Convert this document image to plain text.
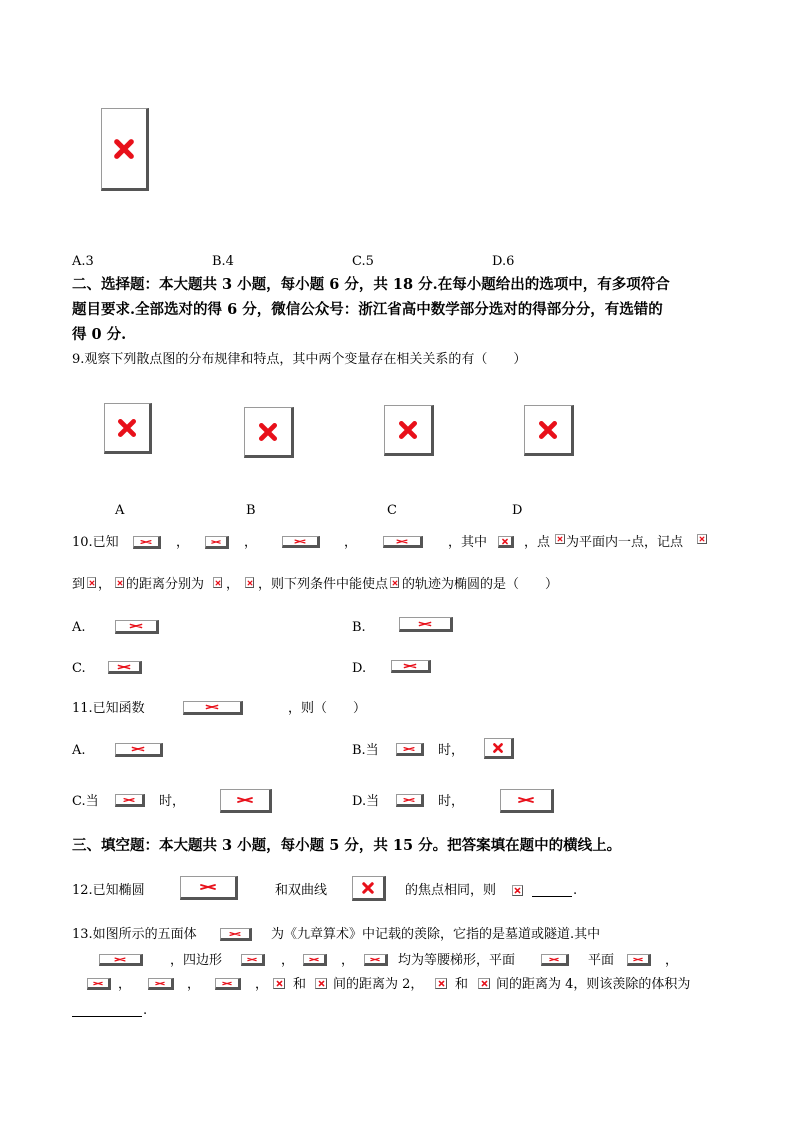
A.3	B.4	C.5	D.6
二、选择题：本大题共 3 小题，每小题 6 分，共 18 分.在每小题给出的选项中，有多项符合
题目要求.全部选对的得 6 分，微信公众号：浙江省高中数学部分选对的得部分分，有选错的
得 0 分.
9.观察下列散点图的分布规律和特点，其中两个变量存在相关关系的有（　　）
A	B	C	D
10.已知	，	，	，	，其中	，点 为平面内一点，记点
到 ， 的距离分别为 ， ，则下列条件中能使点 的轨迹为椭圆的是（　　）
A.	B.
C.	D.
11.已知函数	，则（　　）
A.	B.当	时，
C.当	时，	D.当	时，
三、填空题：本大题共 3 小题，每小题 5 分，共 15 分。把答案填在题中的横线上。
12.已知椭圆	和双曲线	的焦点相同，则	.
13.如图所示的五面体	为《九章算术》中记载的羡除，它指的是墓道或隧道.其中
，四边形	，	，	均为等腰梯形，平面	平面	，
，	，	， 和 间的距离为 2， 和 间的距离为 4，则该羡除的体积为
.
